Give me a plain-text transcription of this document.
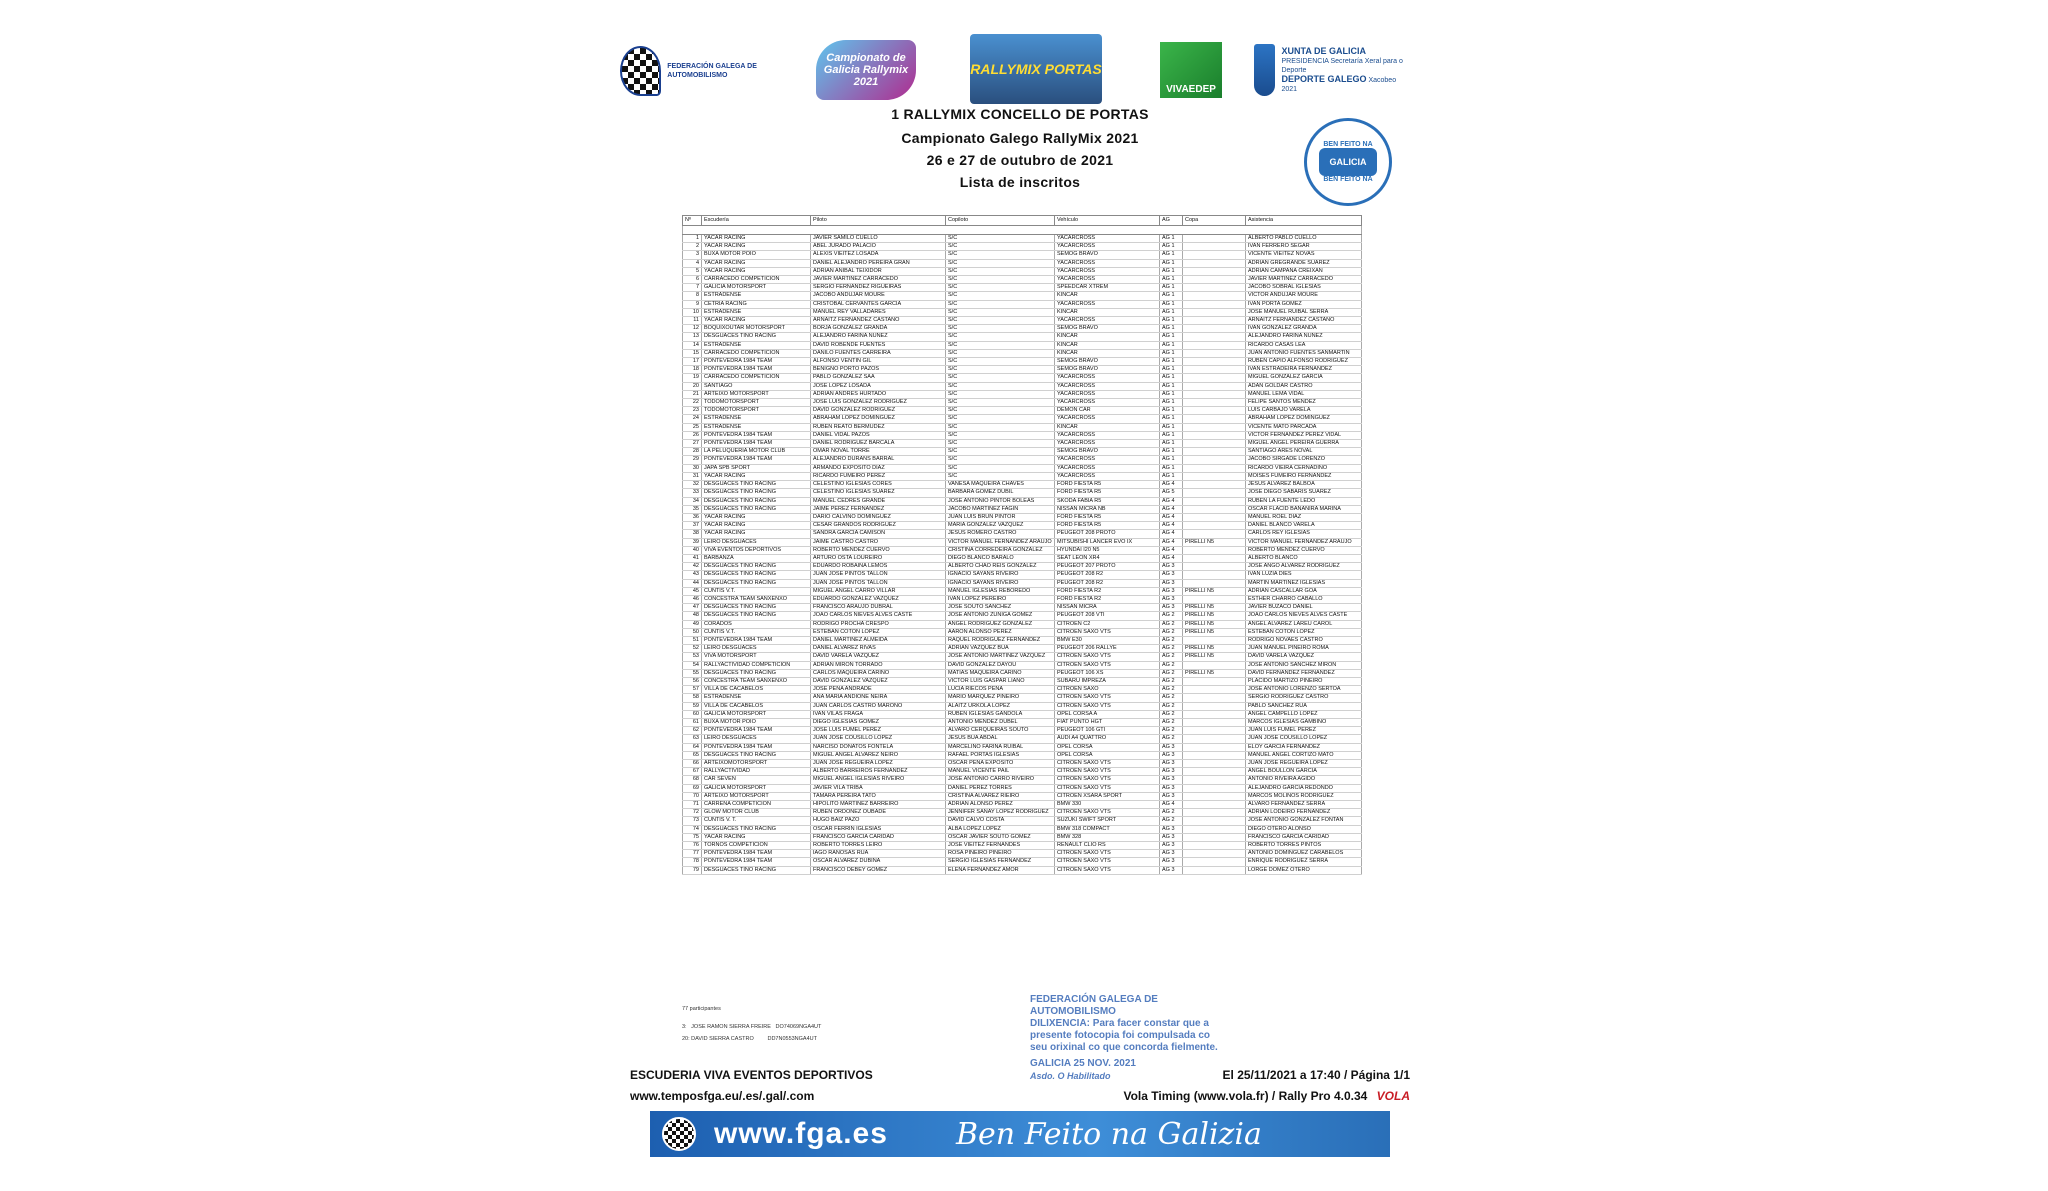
FEDERACIÓN GALEGA DE AUTOMOBILISMO
Campionato de Galicia Rallymix 2021
RALLYMIX PORTAS
VIVAEDEP
XUNTA DE GALICIA
PRESIDENCIA Secretaría Xeral para o Deporte
DEPORTE GALEGO Xacobeo 2021
1 RALLYMIX CONCELLO DE PORTAS
Campionato Galego RallyMix 2021
26 e 27 de outubro de 2021
Lista de inscritos
BEN FEITO NA
GALICIA
BEN FEITO NA
Nº	Escudería	Piloto	Copiloto	Vehículo	AG	Copa	Asistencia

1	YACAR RACING	JAVIER SAMILO CUELLO	S/C	YACARCROSS	AG 1		ALBERTO PABLO CUELLO
2	YACAR RACING	ABEL JURADO PALACIO	S/C	YACARCROSS	AG 1		IVAN FERRERO SEGAR
3	BUXA MOTOR POIO	ALEXIS VIEITEZ LOSADA	S/C	SEMOG BRAVO	AG 1		VICENTE VIEITEZ NOVAS
4	YACAR RACING	DANIEL ALEJANDRO PEREIRA GRAÑ	S/C	YACARCROSS	AG 1		ADRIAN GREGRANDE SUAREZ
5	YACAR RACING	ADRIAN ANIBAL TEIXIDOR	S/C	YACARCROSS	AG 1		ADRIAN CAMPAÑA CREIXAN
6	CARRACEDO COMPETICIÓN	JAVIER MARTINEZ CARRACEDO	S/C	YACARCROSS	AG 1		JAVIER MARTINEZ CARRACEDO
7	GALICIA MOTORSPORT	SERGIO FERNANDEZ RIGUEIRAS	S/C	SPEEDCAR XTREM	AG 1		JACOBO SOBRAL IGLESIAS
8	ESTRADENSE	JACOBO ANDUJAR MOURE	S/C	KINCAR	AG 1		VICTOR ANDUJAR MOURE
9	CETRIA RACING	CRISTOBAL CERVANTES GARCIA	S/C	YACARCROSS	AG 1		IVAN PORTA GOMEZ
10	ESTRADENSE	MANUEL REY VALLADARES	S/C	KINCAR	AG 1		JOSE MANUEL RUIBAL SERRA
11	YACAR RACING	ARNAITZ FERNANDEZ CASTAÑO	S/C	YACARCROSS	AG 1		ARNAITZ FERNANDEZ CASTAÑO
12	BOQUIXOUTAR MOTORSPORT	BORJA GONZALEZ GRANDA	S/C	SEMOG BRAVO	AG 1		IVAN GONZALEZ GRANDA
13	DESGUACES TINO RACING	ALEJANDRO FARIÑA NUÑEZ	S/C	KINCAR	AG 1		ALEJANDRO FARIÑA NUÑEZ
14	ESTRADENSE	DAVID ROBENDE FUENTES	S/C	KINCAR	AG 1		RICARDO CASAS LEA
15	CARRACEDO COMPETICIÓN	DANILO FUENTES CARREIRA	S/C	KINCAR	AG 1		JUAN ANTONIO FUENTES SANMARTIN
17	PONTEVEDRA 1984 TEAM	ALFONSO VENTIN GIL	S/C	SEMOG BRAVO	AG 1		RUBEN CAPIO ALFONSO RODRIGUEZ
18	PONTEVEDRA 1984 TEAM	BENIGNO PORTO PAZOS	S/C	SEMOG BRAVO	AG 1		IVAN ESTRADEIRA FERNANDEZ
19	CARRACEDO COMPETICIÓN	PABLO GONZALEZ SAA	S/C	YACARCROSS	AG 1		MIGUEL GONZALEZ GARCIA
20	SANTIAGO	JOSE LOPEZ LOSADA	S/C	YACARCROSS	AG 1		ADAN GOLDAR CASTRO
21	ARTEIXO MOTORSPORT	ADRIAN ANDRES HURTADO	S/C	YACARCROSS	AG 1		MANUEL LEMA VIDAL
22	TODOMOTORSPORT	JOSE LUIS GONZALEZ RODRIGUEZ	S/C	YACARCROSS	AG 1		FELIPE SANTOS MENDEZ
23	TODOMOTORSPORT	DAVID GONZALEZ RODRIGUEZ	S/C	DEMON CAR	AG 1		LUIS CARBAJO VARELA
24	ESTRADENSE	ABRAHAM LÓPEZ DOMÍNGUEZ	S/C	YACARCROSS	AG 1		ABRAHAM LÓPEZ DOMÍNGUEZ
25	ESTRADENSE	RUBEN REATO BERMUDEZ	S/C	KINCAR	AG 1		VICENTE MATO PARCADA
26	PONTEVEDRA 1984 TEAM	DANIEL VIDAL PAZOS	S/C	YACARCROSS	AG 1		VICTOR FERNANDEZ PEREZ VIDAL
27	PONTEVEDRA 1984 TEAM	DANIEL RODRIGUEZ BARCALA	S/C	YACARCROSS	AG 1		MIGUEL ANGEL PEREIRA GUERRA
28	LA PELUQUERIA MOTOR CLUB	OMAR NOVAL TORRE	S/C	SEMOG BRAVO	AG 1		SANTIAGO ARES NOVAL
29	PONTEVEDRA 1984 TEAM	ALEJANDRO DURANS BARRAL	S/C	YACARCROSS	AG 1		JACOBO SIRGADE LORENZO
30	JAPA SPB SPORT	ARMANDO EXPOSITO DIAZ	S/C	YACARCROSS	AG 1		RICARDO VIEIRA CERNADINO
31	YACAR RACING	RICARDO FUMEIRO PEREZ	S/C	YACARCROSS	AG 1		MOISES FUMEIRO FERNANDEZ
32	DESGUACES TINO RACING	CELESTINO IGLESIAS CORES	VANESA MAQUEIRA CHAVES	FORD FIESTA R5	AG 4		JESUS ALVAREZ BALBOA
33	DESGUACES TINO RACING	CELESTINO IGLESIAS SUAREZ	BARBARA GOMEZ DUBIL	FORD FIESTA R5	AG 5		JOSE DIEGO SABARIS SUAREZ
34	DESGUACES TINO RACING	MANUEL CEDRES GRANDE	JOSE ANTONIO PINTOR BOLEAS	SKODA FABIA R5	AG 4		RUBEN LA FUENTE LEDO
35	DESGUACES TINO RACING	JAIME PEREZ FERNANDEZ	JACOBO MARTINEZ FAGIN	NISSAN MICRA NB	AG 4		OSCAR FLACID BANANIRA MARINA
36	YACAR RACING	DARIO CALVIÑO DOMINGUEZ	JUAN LUIS BRUN PINTOR	FORD FIESTA R5	AG 4		MANUEL ROEL DIAZ
37	YACAR RACING	CESAR GRANDOS RODRIGUEZ	MARIA GONZALEZ VAZQUEZ	FORD FIESTA R5	AG 4		DANIEL BLANCO VARELA
38	YACAR RACING	SANDRA GARCIA CAMISON	JESUS ROMERO CASTRO	PEUGEOT 208 PROTO	AG 4		CARLOS REY IGLESIAS
39	LEIRO DESGUACES	JAIME CASTRO CASTRO	VICTOR MANUEL FERNANDEZ ARAUJO	MITSUBISHI LANCER EVO IX	AG 4	PIRELLI N5	VICTOR MANUEL FERNANDEZ ARAUJO
40	VIVA EVENTOS DEPORTIVOS	ROBERTO MENDEZ CUERVO	CRISTINA CORREDEIRA GONZALEZ	HYUNDAI I20 N5	AG 4		ROBERTO MENDEZ CUERVO
41	BARBANZA	ARTURO OSTA LOUREIRO	DIEGO BLANCO BARALO	SEAT LEON XR4	AG 4		ALBERTO BLANCO
42	DESGUACES TINO RACING	EDUARDO ROBAINA LEMOS	ALBERTO CHAO REIS GONZALEZ	PEUGEOT 207 PROTO	AG 3		JOSE ANGO ALVAREZ RODRIGUEZ
43	DESGUACES TINO RACING	JUAN JOSE PINTOS TALLON	IGNACIO SAYANS RIVEIRO	PEUGEOT 208 R2	AG 3		IVAN LUZIA DIES
44	DESGUACES TINO RACING	JUAN JOSE PINTOS TALLON	IGNACIO SAYANS RIVEIRO	PEUGEOT 208 R2	AG 3		MARTIN MARTINEZ IGLESIAS
45	CUNTIS V.T.	MIGUEL ANGEL CARRO VILLAR	MANUEL IGLESIAS REBOREDO	FORD FIESTA R2	AG 3	PIRELLI N5	ADRIAN CASCALLAR GÓA
46	CONCESTRA TEAM SANXENXO	EDUARDO GONZALEZ VAZQUEZ	IVAN LOPEZ PEREIRO	FORD FIESTA R2	AG 3		ESTHER CHARRO CABALLO
47	DESGUACES TINO RACING	FRANCISCO ARAUJO DUBRAL	JOSE SOUTO SANCHEZ	NISSAN MICRA	AG 3	PIRELLI N5	JAVIER BUZACO DANIEL
48	DESGUACES TINO RACING	JOAO CARLOS NIEVES ALVES CASTE	JOSE ANTONIO ZUÑIGA GOMEZ	PEUGEOT 208 VTI	AG 2	PIRELLI N5	JOAO CARLOS NIEVES ALVES CASTE
49	CORADOS	RODRIGO PROCHA CRESPO	ANGEL RODRIGUEZ GONZALEZ	CITROEN C2	AG 2	PIRELLI N5	ANGEL ALVAREZ LAREU CAROL
50	CUNTIS V.T.	ESTEBAN COTON LOPEZ	AARON ALONSO PEREZ	CITROEN SAXO VTS	AG 2	PIRELLI N5	ESTEBAN COTON LOPEZ
51	PONTEVEDRA 1984 TEAM	DANIEL MARTINEZ ALMEIDA	RAQUEL RODRIGUEZ FERNANDEZ	BMW E30	AG 2		RODRIGO NOVAES CASTRO
52	LEIRO DESGUACES	DANIEL ALVAREZ RIVAS	ADRIAN VAZQUEZ BUA	PEUGEOT 206 RALLYE	AG 2	PIRELLI N5	JUAN MANUEL PIÑEIRO ROMA
53	VIVA MOTORSPORT	DAVID VARELA VAZQUEZ	JOSE ANTONIO MARTINEZ VAZQUEZ	CITROEN SAXO VTS	AG 2	PIRELLI N5	DAVID VARELA VAZQUEZ
54	RALLYACTIVIDAD COMPETICIÓN	ADRIAN MIRON TORRADO	DAVID GONZALEZ DAYOU	CITROEN SAXO VTS	AG 2		JOSE ANTONIO SANCHEZ MIRON
55	DESGUACES TINO RACING	CARLOS MAQUEIRA CARIÑO	MATIAS MAQUEIRA CARIÑO	PEUGEOT 106 XS	AG 2	PIRELLI N5	DAVID FERNANDEZ FERNANDEZ
56	CONCESTRA TEAM SANXENXO	DAVID GONZALEZ VAZQUEZ	VICTOR LUIS GASPAR LIAÑO	SUBARU IMPREZA	AG 2		PLACIDO MARTIZO PIÑEIRO
57	VILLA DE CACABELOS	JOSE PENA ANDRADE	LUCIA RIECOS PENA	CITROEN SAXO	AG 2		JOSE ANTONIO LORENZO SERTOA
58	ESTRADENSE	ANA MARÍA ANDIONE NEIRA	MARIO MARQUEZ PIÑEIRO	CITROEN SAXO VTS	AG 2		SERGIO RODRIGUEZ CASTRO
59	VILLA DE CACABELOS	JUAN CARLOS CASTRO MAROÑO	ALAITZ URKOLA LOPEZ	CITROEN SAXO VTS	AG 2		PABLO SANCHEZ RUA
60	GALICIA MOTORSPORT	IVAN VILAS FRAGA	RUBEN IGLESIAS GANDOLA	OPEL CORSA A	AG 2		ANGEL CAMPELLO LOPEZ
61	BUXA MOTOR POIO	DIEGO IGLESIAS GÓMEZ	ANTONIO MENDEZ DUBEL	FIAT PUNTO HGT	AG 2		MARCOS IGLESIAS GAMBINO
62	PONTEVEDRA 1984 TEAM	JOSE LUIS FUMEL PEREZ	ALVARO CERQUEIRAS SOUTO	PEUGEOT 106 GTI	AG 2		JUAN LUIS FUMEL PEREZ
63	LEIRO DESGUACES	JUAN JOSE COUSILLO LÓPEZ	JESUS BUA ABDAL	AUDI A4 QUATTRO	AG 2		JUAN JOSE COUSILLO LÓPEZ
64	PONTEVEDRA 1984 TEAM	NARCISO DONATOS FONTELA	MARCELINO FARIÑA RUIBAL	OPEL CORSA	AG 3		ELOY GARCIA FERNANDEZ
65	DESGUACES TINO RACING	MIGUEL ANGEL ALVAREZ NEIRO	RAFAEL PORTAS IGLESIAS	OPEL CORSA	AG 3		MANUEL ANGEL CORTIZO MATO
66	ARTEIXOMOTORSPORT	JUAN JOSE REGUEIRA LOPEZ	OSCAR PENA EXPOSITO	CITROEN SAXO VTS	AG 3		JUAN JOSE REGUEIRA LOPEZ
67	RALLYACTIVIDAD	ALBERTO BARREIROS FERNANDEZ	MANUEL VICENTE PAIL	CITROEN SAXO VTS	AG 3		ANGEL BOULLON GARCIA
68	CAR SEVEN	MIGUEL ANGEL IGLESIAS RIVEIRO	JOSE ANTONIO CARRO RIVEIRO	CITROEN SAXO VTS	AG 3		ANTONIO RIVEIRA AGIDO
69	GALICIA MOTORSPORT	JAVIER VILA TRIBA	DANIEL PÉREZ TORRES	CITROEN SAXO VTS	AG 3		ALEJANDRO GARCÍA REDONDO
70	ARTEIXO MOTORSPORT	TAMARA PEREIRA TATO	CRISTINA ALVAREZ RIEIRO	CITROEN XSARA SPORT	AG 3		MARCOS MOLINOS RODRIGUEZ
71	CARREÑA COMPETICION	HIPOLITO MARTINEZ BARREIRO	ADRIAN ALONSO PEREZ	BMW 330	AG 4		ALVARO FERNANDEZ SERRA
72	GLOW MOTOR CLUB	RUBEN ORDOÑEZ OUBADE	JENNIFER SANAY LOPEZ RODRIGUEZ	CITROEN SAXO VTS	AG 2		ADRIAN LODEIRO FERNANDEZ
73	CUNTIS V. T.	HUGO BAIZ PAZO	DAVID CALVO COSTA	SUZUKI SWIFT SPORT	AG 2		JOSE ANTONIO GONZALEZ FONTAN
74	DESGUACES TINO RACING	OSCAR FERRIN IGLESIAS	ALBA LOPEZ LÓPEZ	BMW 318 COMPACT	AG 3		DIEGO OTERO ALONSO
75	YACAR RACING	FRANCISCO GARCIA CARIDAD	OSCAR JAVIER SOUTO GOMEZ	BMW 328	AG 3		FRANCISCO GARCIA CARIDAD
76	TORNOS COMPETICION	ROBERTO TORRES LEIRO	JOSE VIEITEZ FERNANDES	RENAULT CLIO RS	AG 3		ROBERTO TORRES PINTOS
77	PONTEVEDRA 1984 TEAM	IAGO RAÑOSAS RUA	ROSA PIÑEIRO PIÑEIRO	CITROEN SAXO VTS	AG 3		ANTONIO DOMINGUEZ CARABELOS
78	PONTEVEDRA 1984 TEAM	OSCAR ALVAREZ DUBIÑA	SERGIO IGLESIAS FERNÁNDEZ	CITROEN SAXO VTS	AG 3		ENRIQUE RODRIGUEZ SERRA
79	DESGUACES TINO RACING	FRANCISCO DEBEY GOMEZ	ELENA FERNANDEZ AMOR	CITROEN SAXO VTS	AG 3		LORGE DOMEZ OTERO
77 participantes
3:   JOSE RAMON SIERRA FREIRE   DO74069NGA4UT
20: DAVID SIERRA CASTRO         DD7N0553NGA4UT
FEDERACIÓN GALEGA DE AUTOMOBILISMO
DILIXENCIA: Para facer constar que a presente fotocopia foi compulsada co seu orixinal co que concorda fielmente.
GALICIA 25 NOV. 2021
Asdo. O Habilitado
ESCUDERIA VIVA EVENTOS DEPORTIVOS	El 25/11/2021 a 17:40 / Página 1/1
www.temposfga.eu/.es/.gal/.com	Vola Timing (www.vola.fr) / Rally Pro 4.0.34 VOLA
www.fga.es Ben Feito na Galizia
